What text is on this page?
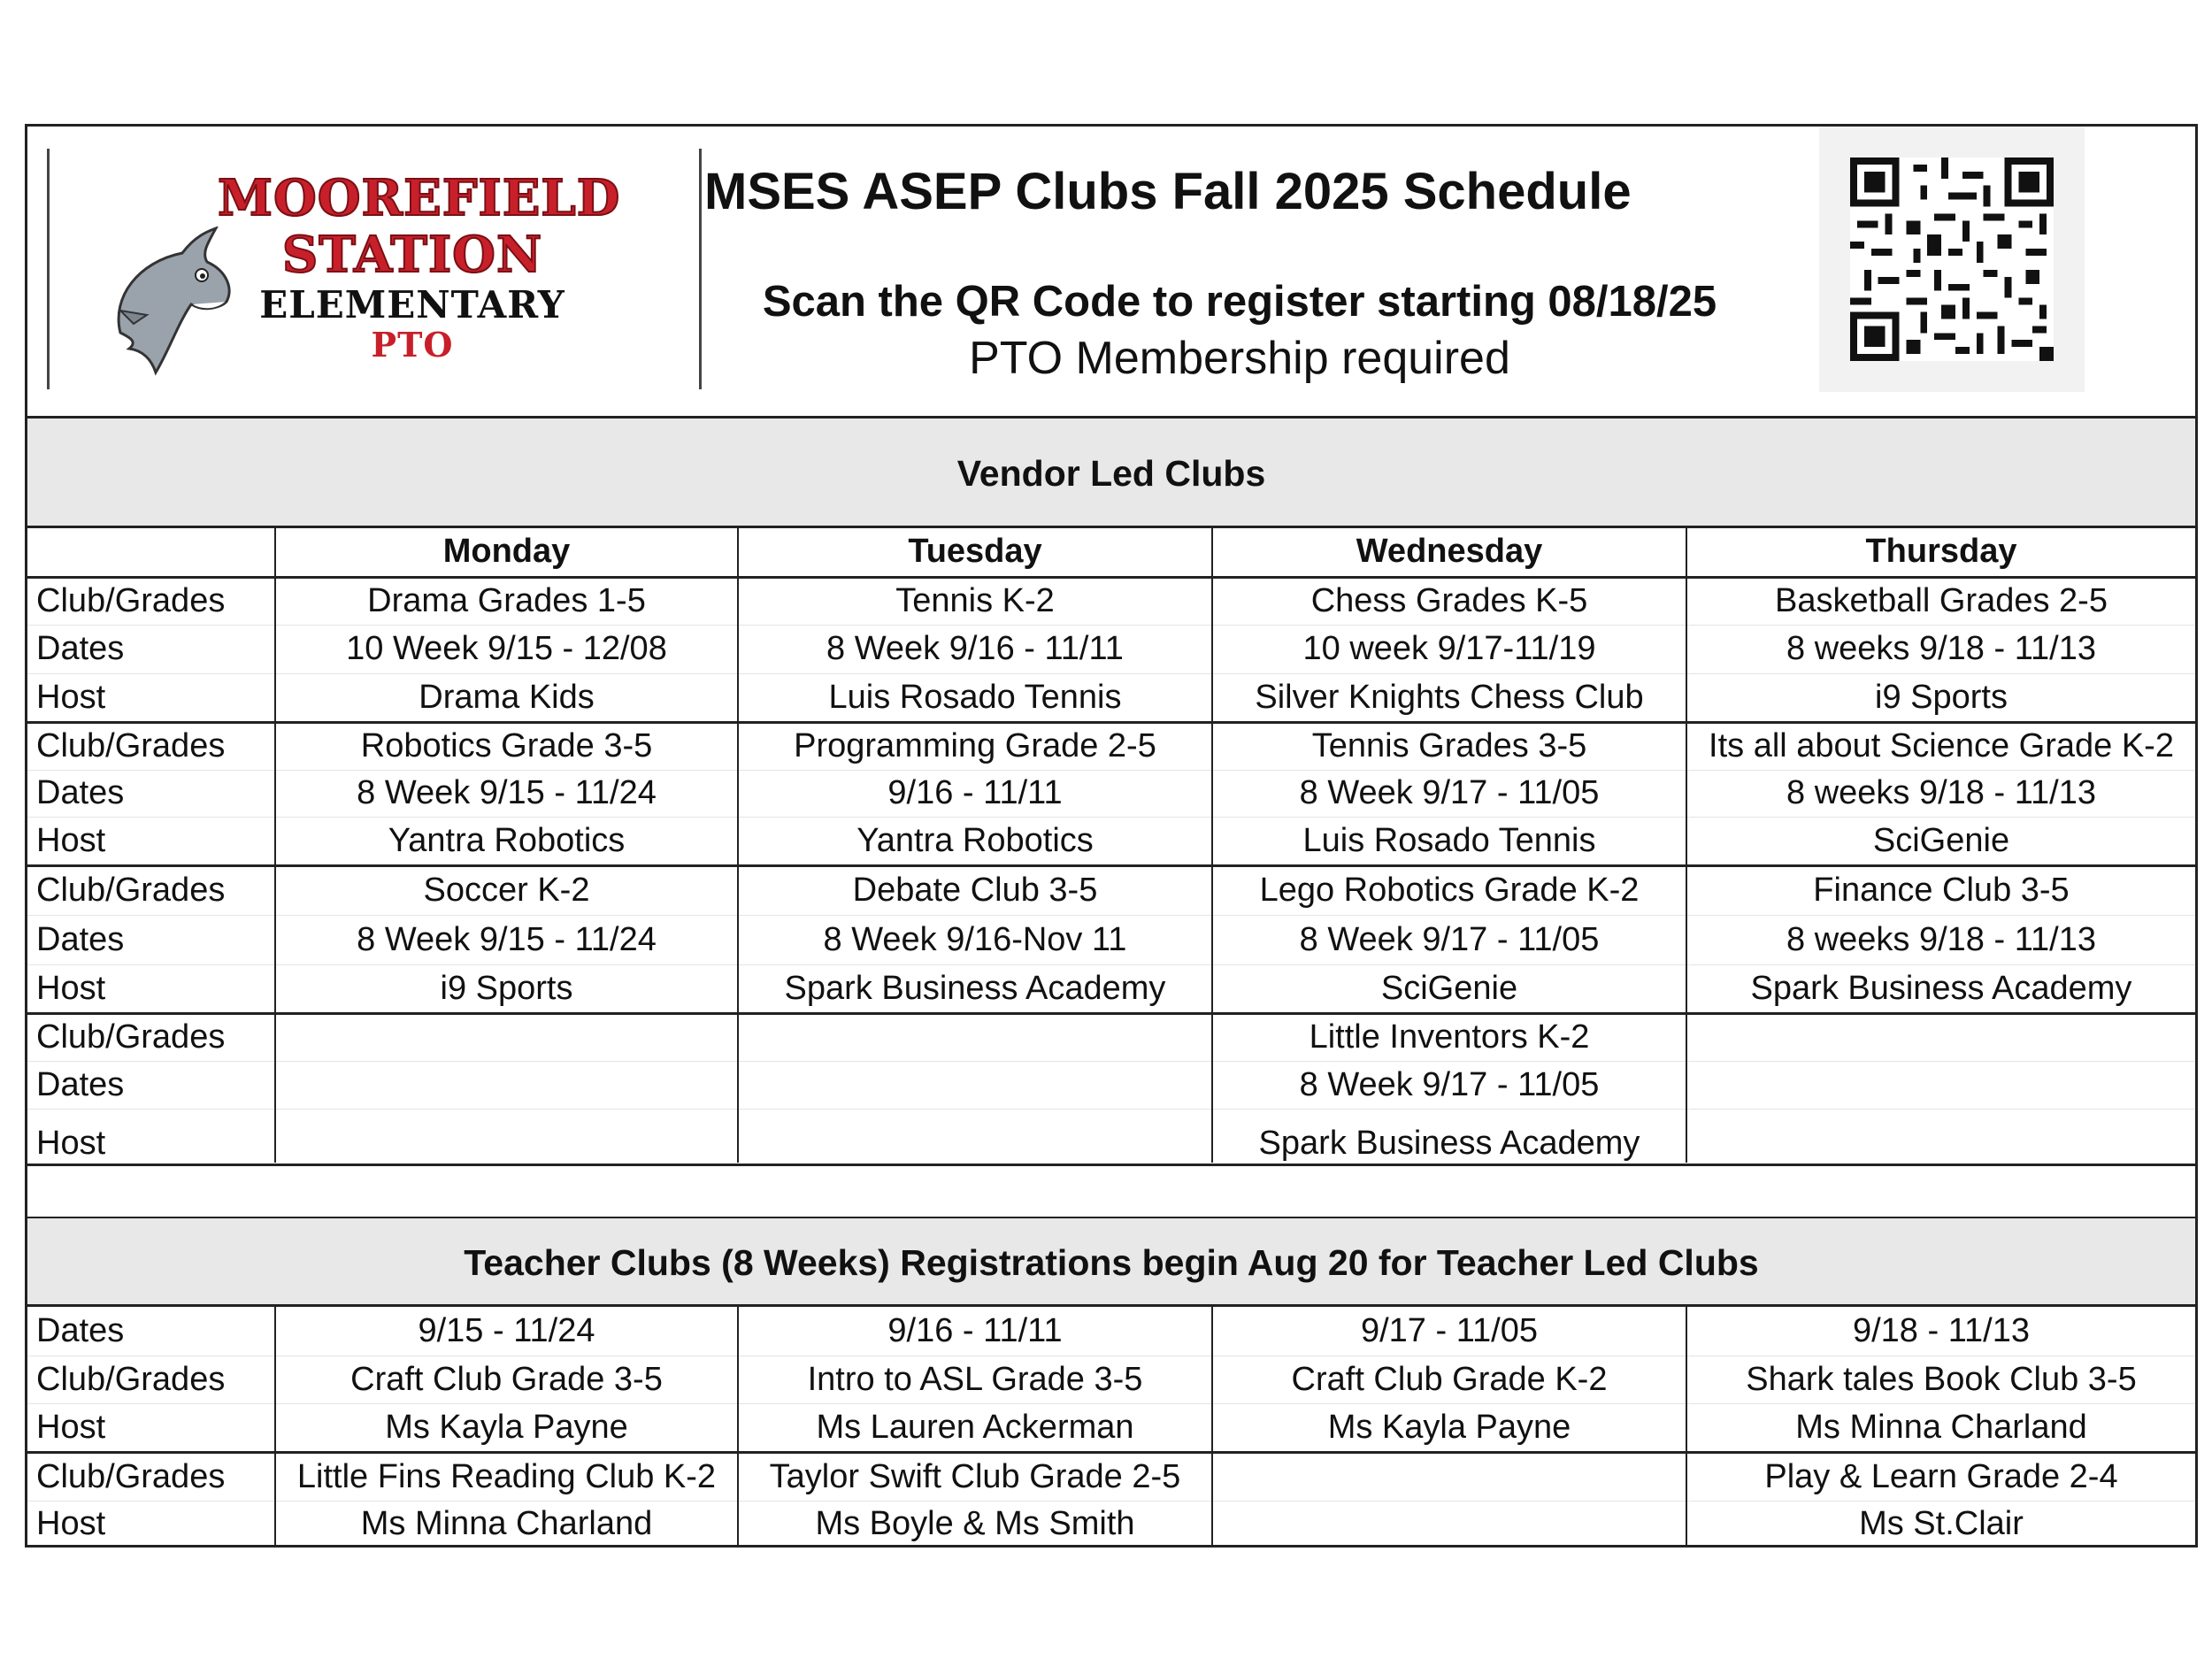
MOOREFIELD
STATION
ELEMENTARY
PTO
MSES ASEP Clubs Fall 2025 Schedule
Scan the QR Code to register starting 08/18/25
PTO Membership required
Vendor Led Clubs
	Monday	Tuesday	Wednesday	Thursday
Club/Grades	Drama Grades 1-5	Tennis K-2	Chess Grades K-5	Basketball Grades 2-5
Dates	10 Week 9/15 - 12/08	8 Week 9/16 - 11/11	10 week 9/17-11/19	8 weeks 9/18 - 11/13
Host	Drama Kids	Luis Rosado Tennis	Silver Knights Chess Club	i9 Sports
Club/Grades	Robotics Grade 3-5	Programming Grade 2-5	Tennis Grades 3-5	Its all about Science Grade K-2
Dates	8 Week 9/15 - 11/24	9/16 - 11/11	8 Week 9/17 - 11/05	8 weeks 9/18 - 11/13
Host	Yantra Robotics	Yantra Robotics	Luis Rosado Tennis	SciGenie
Club/Grades	Soccer K-2	Debate Club 3-5	Lego Robotics Grade K-2	Finance Club 3-5
Dates	8 Week 9/15 - 11/24	8 Week 9/16-Nov 11	8 Week 9/17 - 11/05	8 weeks 9/18 - 11/13
Host	i9 Sports	Spark Business Academy	SciGenie	Spark Business Academy
Club/Grades			Little Inventors K-2	
Dates			8 Week 9/17 - 11/05	
Host			Spark Business Academy	
Teacher Clubs (8 Weeks) Registrations begin Aug 20 for Teacher Led Clubs
Dates	9/15 - 11/24	9/16 - 11/11	9/17 - 11/05	9/18 - 11/13
Club/Grades	Craft Club Grade 3-5	Intro to ASL Grade 3-5	Craft Club Grade K-2	Shark tales Book Club 3-5
Host	Ms Kayla Payne	Ms Lauren Ackerman	Ms Kayla Payne	Ms Minna Charland
Club/Grades	Little Fins Reading Club K-2	Taylor Swift Club Grade 2-5		Play & Learn Grade 2-4
Host	Ms Minna Charland	Ms Boyle & Ms Smith		Ms St.Clair
